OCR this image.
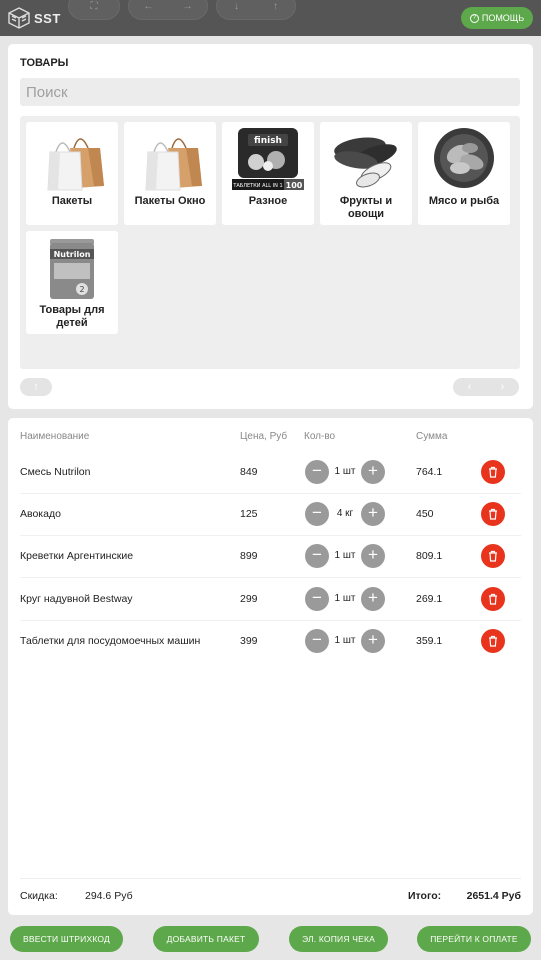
SST
⛶	←	→	↓	↑
? ПОМОЩЬ
ТОВАРЫ
Поиск
Пакеты	Пакеты Окно
finish
ТАБЛЕТКИ ALL IN 1 100
Разное	Фрукты и овощи
Мясо и рыба
Nutrilon
2
Товары для детей
↑	‹	›
Наименование	Цена, Руб Кол-во	Сумма
Смесь Nutrilon	849	−	1 шт +	764.1
Авокадо	125	−	4 кг +	450
Креветки Аргентинские	899	−	1 шт +	809.1
Круг надувной Bestway	299	−	1 шт +	269.1
Таблетки для посудомоечных машин	399	−	1 шт +	359.1
Скидка:	294.6 Руб	Итого: 2651.4 Руб
ВВЕСТИ ШТРИХКОД	ДОБАВИТЬ ПАКЕТ	ЭЛ. КОПИЯ ЧЕКА	ПЕРЕЙТИ К ОПЛАТЕ
